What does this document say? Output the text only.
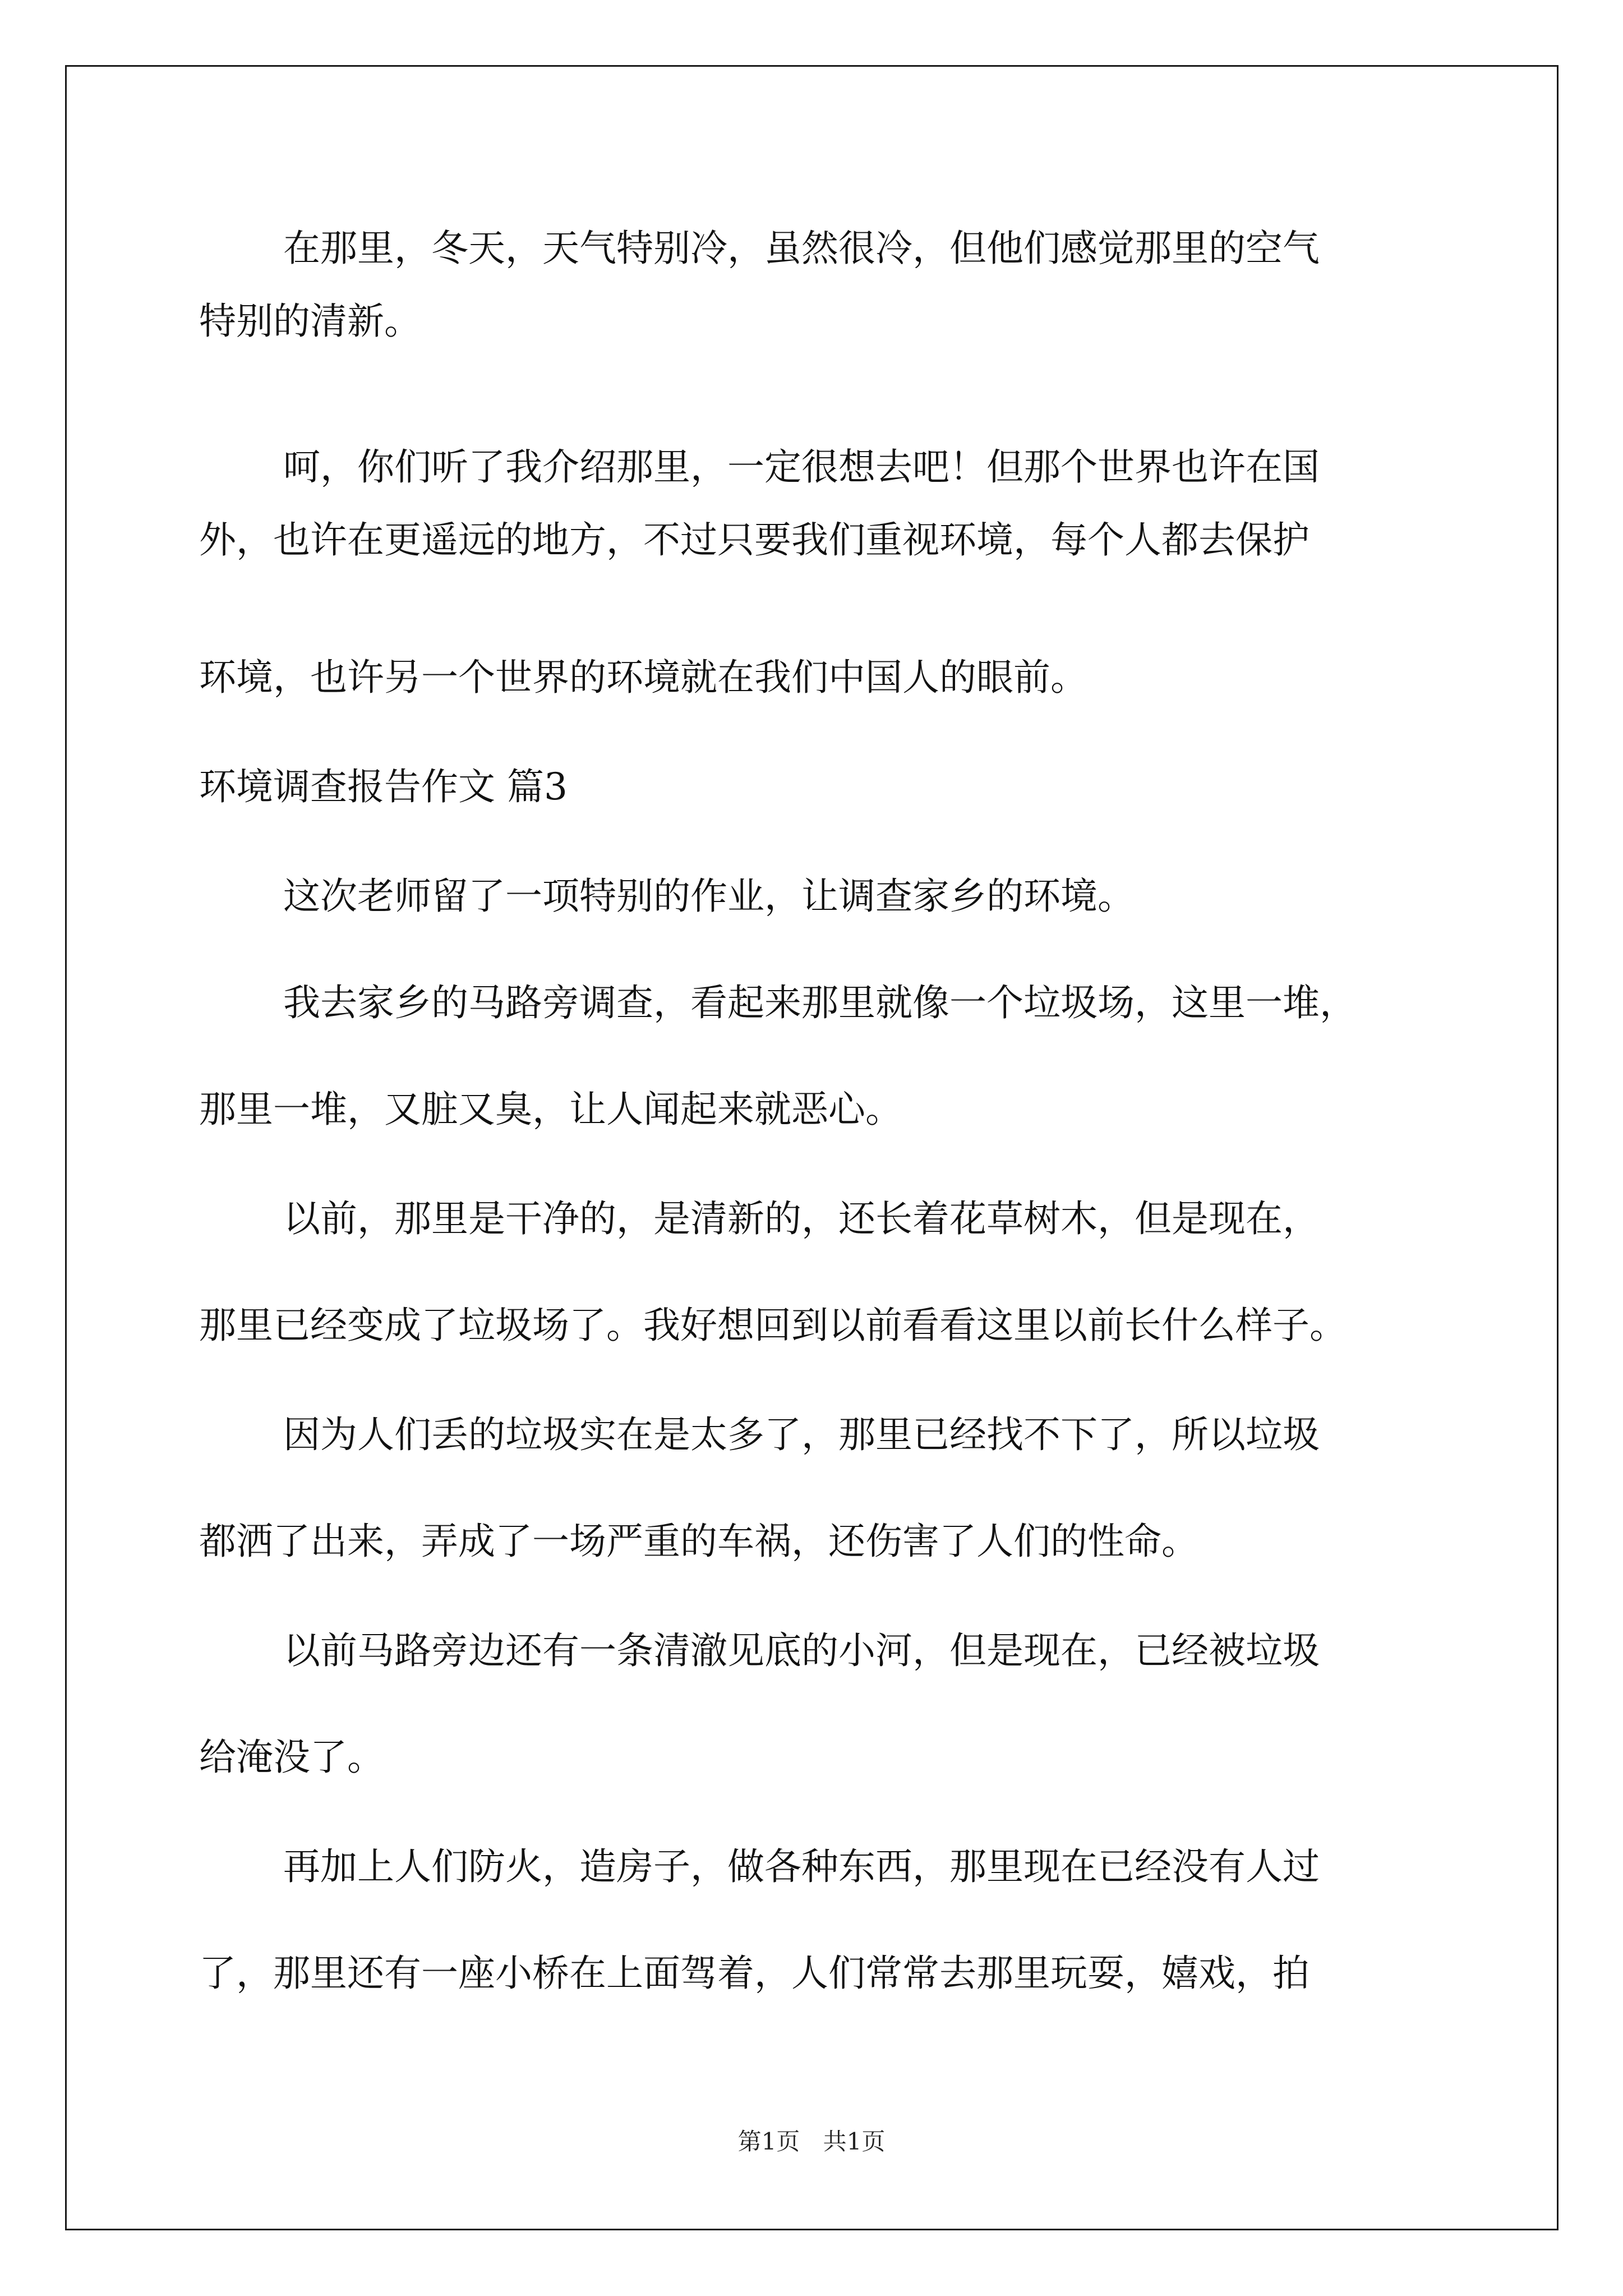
在那里，冬天，天气特别冷，虽然很冷，但他们感觉那里的空气
特别的清新。
呵，你们听了我介绍那里，一定很想去吧！但那个世界也许在国
外，也许在更遥远的地方，不过只要我们重视环境，每个人都去保护
环境，也许另一个世界的环境就在我们中国人的眼前。
环境调查报告作文 篇3
这次老师留了一项特别的作业，让调查家乡的环境。
我去家乡的马路旁调查，看起来那里就像一个垃圾场，这里一堆，
那里一堆，又脏又臭，让人闻起来就恶心。
以前，那里是干净的，是清新的，还长着花草树木，但是现在，
那里已经变成了垃圾场了。我好想回到以前看看这里以前长什么样子。
因为人们丢的垃圾实在是太多了，那里已经找不下了，所以垃圾
都洒了出来，弄成了一场严重的车祸，还伤害了人们的性命。
以前马路旁边还有一条清澈见底的小河，但是现在，已经被垃圾
给淹没了。
再加上人们防火，造房子，做各种东西，那里现在已经没有人过
了，那里还有一座小桥在上面驾着，人们常常去那里玩耍，嬉戏，拍
第1页 共1页
